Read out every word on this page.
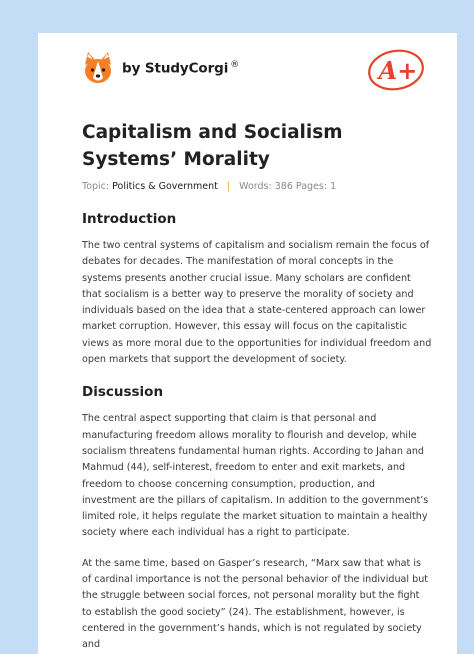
by StudyCorgi ®	A+
Capitalism and Socialism Systems’ Morality
Topic: Politics & Government | Words: 386 Pages: 1
Introduction

The two central systems of capitalism and socialism remain the focus of debates for decades. The manifestation of moral concepts in the systems presents another crucial issue. Many scholars are confident that socialism is a better way to preserve the morality of society and individuals based on the idea that a state-centered approach can lower market corruption. However, this essay will focus on the capitalistic views as more moral due to the opportunities for individual freedom and open markets that support the development of society.

Discussion

The central aspect supporting that claim is that personal and manufacturing freedom allows morality to flourish and develop, while socialism threatens fundamental human rights. According to Jahan and Mahmud (44), self-interest, freedom to enter and exit markets, and freedom to choose concerning consumption, production, and investment are the pillars of capitalism. In addition to the government’s limited role, it helps regulate the market situation to maintain a healthy society where each individual has a right to participate.

At the same time, based on Gasper’s research, “Marx saw that what is of cardinal importance is not the personal behavior of the individual but the struggle between social forces, not personal morality but the fight to establish the good society” (24). The establishment, however, is centered in the government’s hands, which is not regulated by society and
